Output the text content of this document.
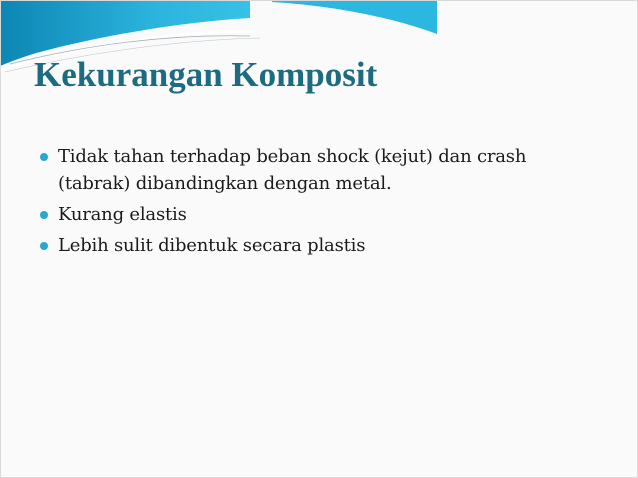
Kekurangan Komposit
Tidak tahan terhadap beban shock (kejut) dan crash (tabrak) dibandingkan dengan metal.
Kurang elastis
Lebih sulit dibentuk secara plastis
